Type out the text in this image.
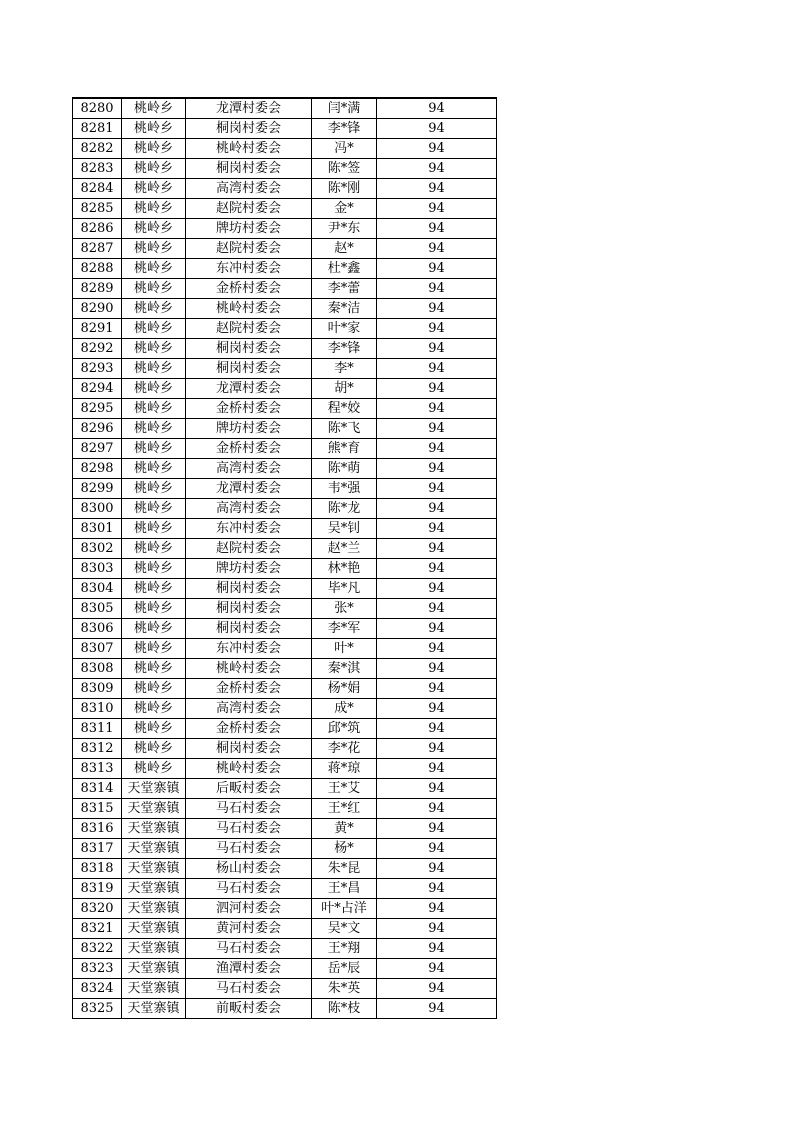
8280	桃岭乡	龙潭村委会	闫*满	94
8281	桃岭乡	桐岗村委会	李*锋	94
8282	桃岭乡	桃岭村委会	冯*	94
8283	桃岭乡	桐岗村委会	陈*签	94
8284	桃岭乡	高湾村委会	陈*刚	94
8285	桃岭乡	赵院村委会	金*	94
8286	桃岭乡	牌坊村委会	尹*东	94
8287	桃岭乡	赵院村委会	赵*	94
8288	桃岭乡	东冲村委会	杜*鑫	94
8289	桃岭乡	金桥村委会	李*蕾	94
8290	桃岭乡	桃岭村委会	秦*洁	94
8291	桃岭乡	赵院村委会	叶*家	94
8292	桃岭乡	桐岗村委会	李*锋	94
8293	桃岭乡	桐岗村委会	李*	94
8294	桃岭乡	龙潭村委会	胡*	94
8295	桃岭乡	金桥村委会	程*姣	94
8296	桃岭乡	牌坊村委会	陈*飞	94
8297	桃岭乡	金桥村委会	熊*育	94
8298	桃岭乡	高湾村委会	陈*萌	94
8299	桃岭乡	龙潭村委会	韦*强	94
8300	桃岭乡	高湾村委会	陈*龙	94
8301	桃岭乡	东冲村委会	吴*钊	94
8302	桃岭乡	赵院村委会	赵*兰	94
8303	桃岭乡	牌坊村委会	林*艳	94
8304	桃岭乡	桐岗村委会	毕*凡	94
8305	桃岭乡	桐岗村委会	张*	94
8306	桃岭乡	桐岗村委会	李*军	94
8307	桃岭乡	东冲村委会	叶*	94
8308	桃岭乡	桃岭村委会	秦*淇	94
8309	桃岭乡	金桥村委会	杨*娟	94
8310	桃岭乡	高湾村委会	成*	94
8311	桃岭乡	金桥村委会	邱*筑	94
8312	桃岭乡	桐岗村委会	李*花	94
8313	桃岭乡	桃岭村委会	蒋*琼	94
8314	天堂寨镇	后畈村委会	王*艾	94
8315	天堂寨镇	马石村委会	王*红	94
8316	天堂寨镇	马石村委会	黄*	94
8317	天堂寨镇	马石村委会	杨*	94
8318	天堂寨镇	杨山村委会	朱*昆	94
8319	天堂寨镇	马石村委会	王*昌	94
8320	天堂寨镇	泗河村委会	叶*占洋	94
8321	天堂寨镇	黄河村委会	吴*文	94
8322	天堂寨镇	马石村委会	王*翔	94
8323	天堂寨镇	渔潭村委会	岳*辰	94
8324	天堂寨镇	马石村委会	朱*英	94
8325	天堂寨镇	前畈村委会	陈*枝	94
